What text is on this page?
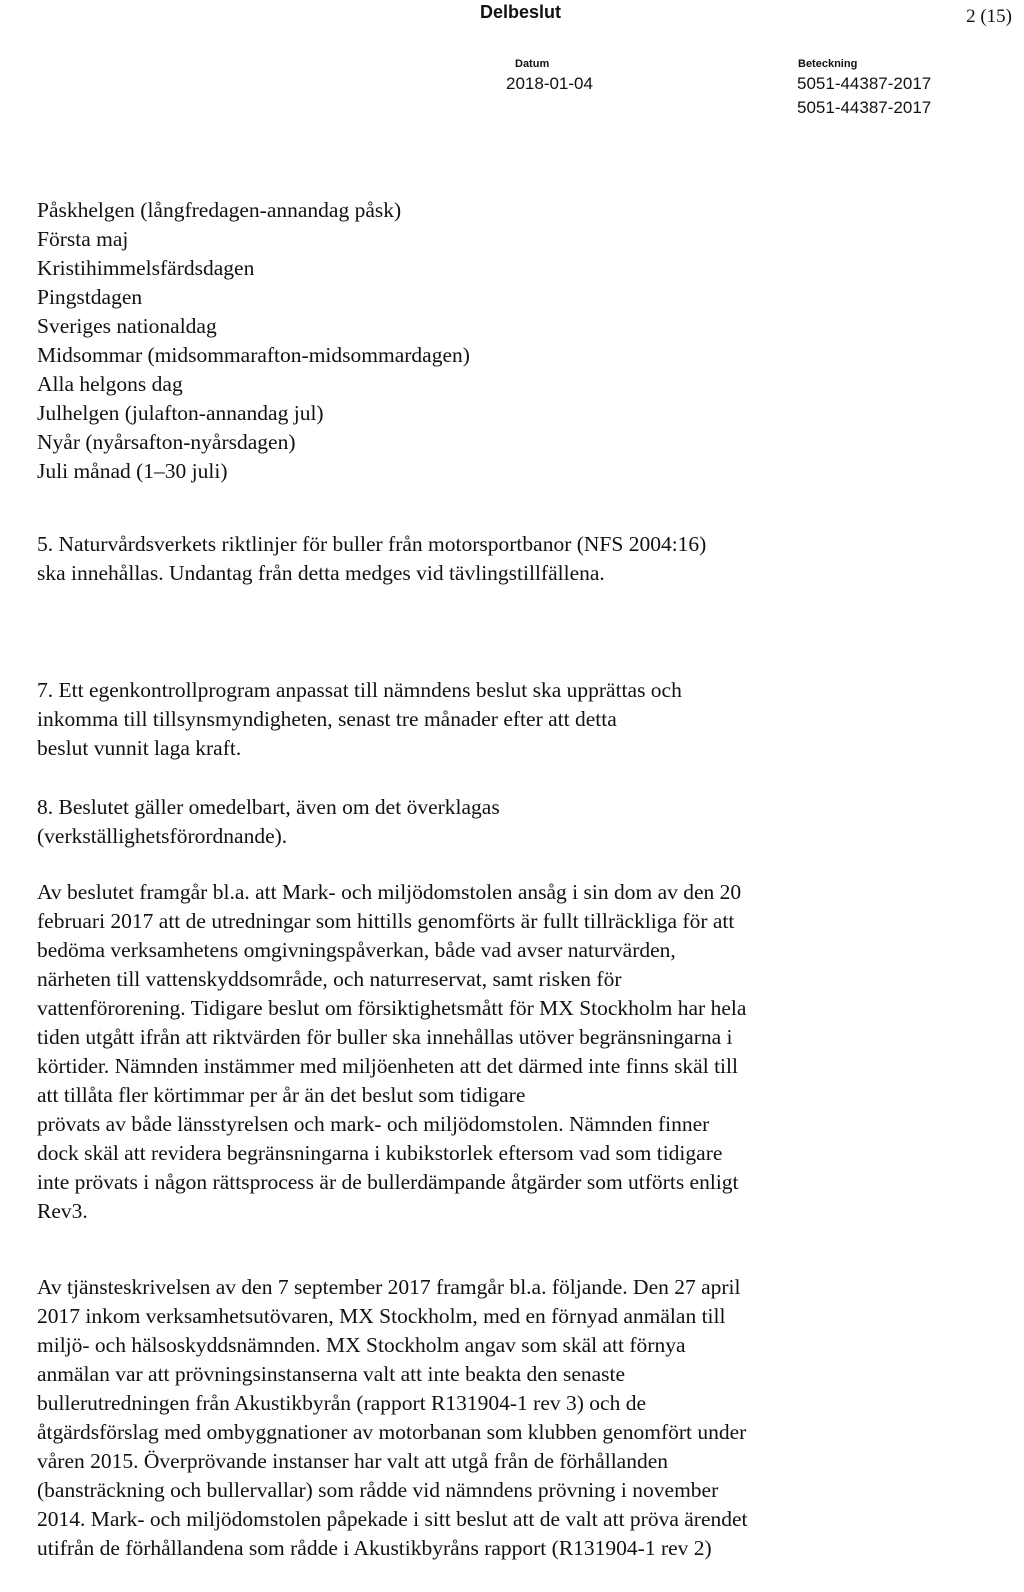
Delbeslut	2 (15)
Datum
2018-01-04
Beteckning
5051-44387-2017
5051-44387-2017
Påskhelgen (långfredagen-annandag påsk)
Första maj
Kristihimmelsfärdsdagen
Pingstdagen
Sveriges nationaldag
Midsommar (midsommarafton-midsommardagen)
Alla helgons dag
Julhelgen (julafton-annandag jul)
Nyår (nyårsafton-nyårsdagen)
Juli månad (1–30 juli)
5. Naturvårdsverkets riktlinjer för buller från motorsportbanor (NFS 2004:16)
ska innehållas. Undantag från detta medges vid tävlingstillfällena.
7. Ett egenkontrollprogram anpassat till nämndens beslut ska upprättas och
inkomma till tillsynsmyndigheten, senast tre månader efter att detta
beslut vunnit laga kraft.
8. Beslutet gäller omedelbart, även om det överklagas
(verkställighetsförordnande).
Av beslutet framgår bl.a. att Mark- och miljödomstolen ansåg i sin dom av den 20
februari 2017 att de utredningar som hittills genomförts är fullt tillräckliga för att
bedöma verksamhetens omgivningspåverkan, både vad avser naturvärden,
närheten till vattenskyddsområde, och naturreservat, samt risken för
vattenförorening. Tidigare beslut om försiktighetsmått för MX Stockholm har hela
tiden utgått ifrån att riktvärden för buller ska innehållas utöver begränsningarna i
körtider. Nämnden instämmer med miljöenheten att det därmed inte finns skäl till
att tillåta fler körtimmar per år än det beslut som tidigare
prövats av både länsstyrelsen och mark- och miljödomstolen. Nämnden finner
dock skäl att revidera begränsningarna i kubikstorlek eftersom vad som tidigare
inte prövats i någon rättsprocess är de bullerdämpande åtgärder som utförts enligt
Rev3.
Av tjänsteskrivelsen av den 7 september 2017 framgår bl.a. följande. Den 27 april
2017 inkom verksamhetsutövaren, MX Stockholm, med en förnyad anmälan till
miljö- och hälsoskyddsnämnden. MX Stockholm angav som skäl att förnya
anmälan var att prövningsinstanserna valt att inte beakta den senaste
bullerutredningen från Akustikbyrån (rapport R131904-1 rev 3) och de
åtgärdsförslag med ombyggnationer av motorbanan som klubben genomfört under
våren 2015. Överprövande instanser har valt att utgå från de förhållanden
(bansträckning och bullervallar) som rådde vid nämndens prövning i november
2014. Mark- och miljödomstolen påpekade i sitt beslut att de valt att pröva ärendet
utifrån de förhållandena som rådde i Akustikbyråns rapport (R131904-1 rev 2)
